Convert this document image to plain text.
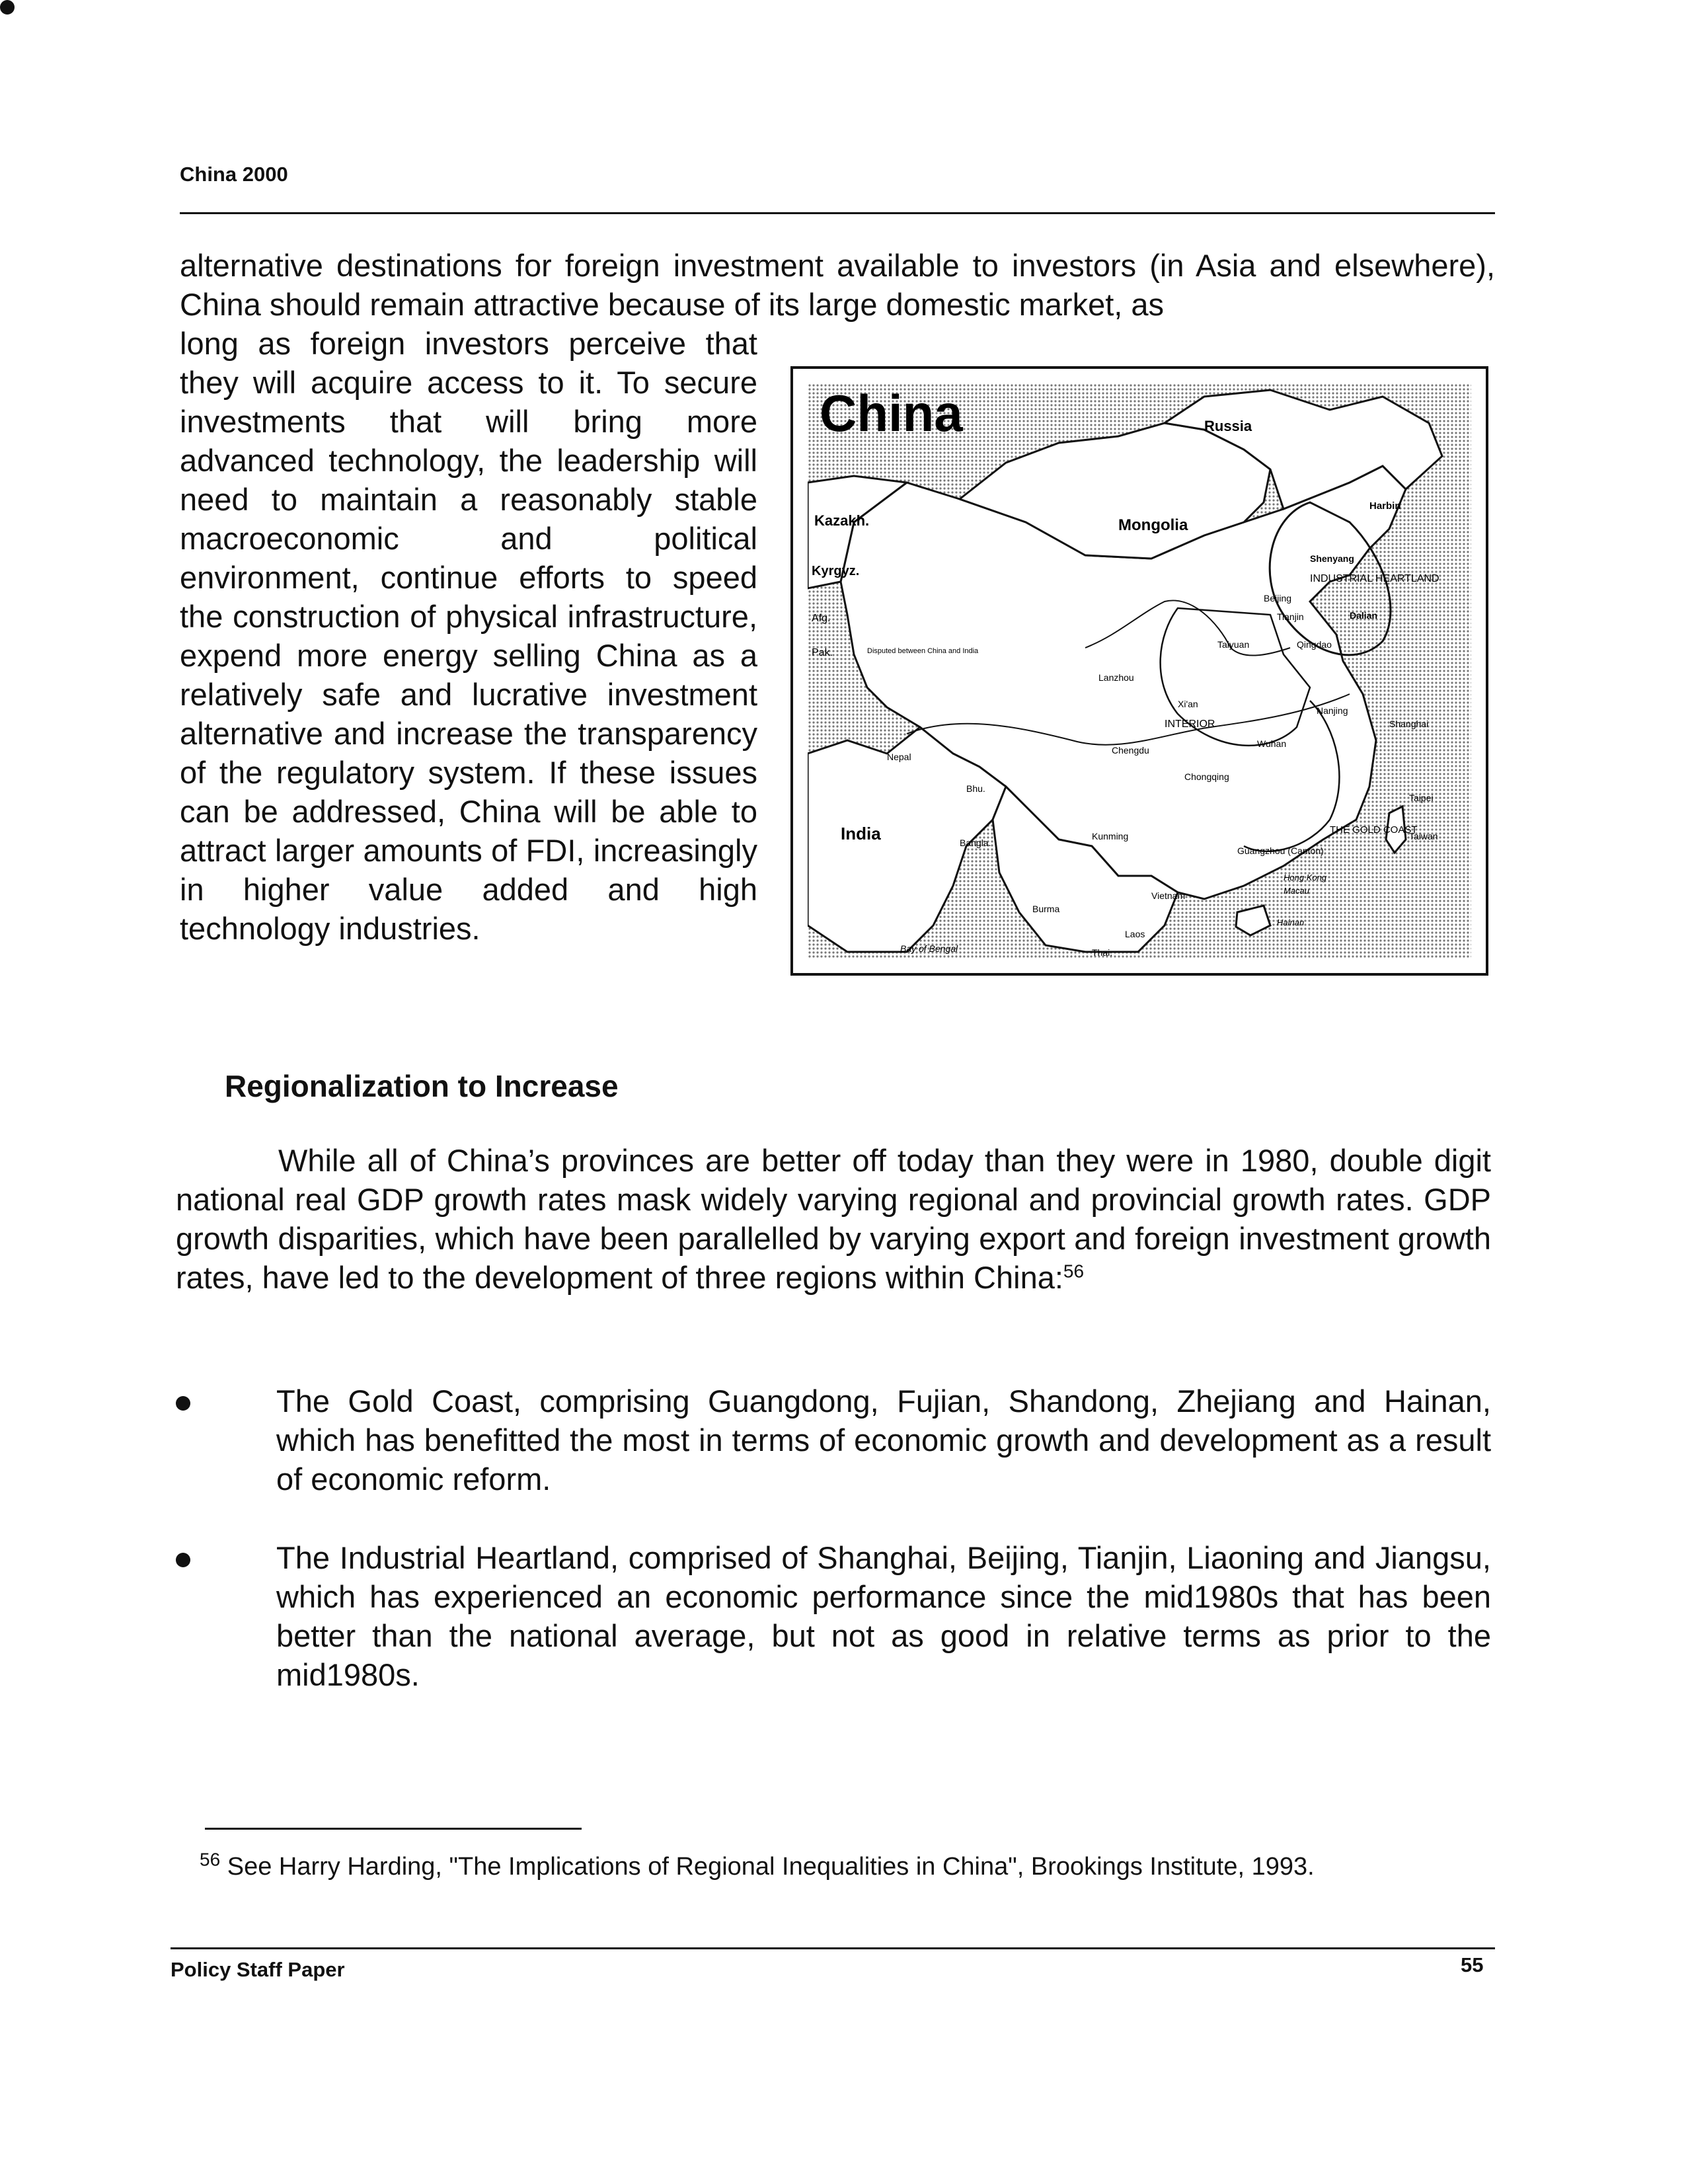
China 2000
alternative destinations for foreign investment available to investors (in Asia and elsewhere), China should remain attractive because of its large domestic market, as

long as foreign investors perceive that they will acquire access to it. To secure investments that will bring more advanced technology, the leadership will need to maintain a reasonably stable macroeconomic and political environment, continue efforts to speed the construction of physical infrastructure, expend more energy selling China as a relatively safe and lucrative investment alternative and increase the transparency of the regulatory system. If these issues can be addressed, China will be able to attract larger amounts of FDI, increasingly in higher value added and high technology industries.

China	Russia
Kazakh.	Mongolia
Kyrgyz.
Afg.
Pak.	Disputed between China and India
India
Bay of Bengal
Nepal
Bhu.
Bangla.
Burma
Laos
Vietnam
Thai.
Harbin
Shenyang
Beijing
Tianjin	Dalian
INDUSTRIAL HEARTLAND
Taiyuan	Qingdao
Lanzhou
Xi'an
INTERIOR
Nanjing
Shanghai
Wuhan
Chengdu
Chongqing
THE GOLD COAST
Taipei
Taiwan
Kunming
Guangzhou (Canton)
Hong Kong
Macau
Hainan
Regionalization to Increase

While all of China’s provinces are better off today than they were in 1980, double digit national real GDP growth rates mask widely varying regional and provincial growth rates. GDP growth disparities, which have been parallelled by varying export and foreign investment growth rates, have led to the development of three regions within China:$^{56}$

The Gold Coast, comprising Guangdong, Fujian, Shandong, Zhejiang and Hainan, which has benefitted the most in terms of economic growth and development as a result of economic reform.
The Industrial Heartland, comprised of Shanghai, Beijing, Tianjin, Liaoning and Jiangsu, which has experienced an economic performance since the mid1980s that has been better than the national average, but not as good in relative terms as prior to the mid1980s.
$^{56}$ See Harry Harding, "The Implications of Regional Inequalities in China", Brookings Institute, 1993.
Policy Staff Paper	55
